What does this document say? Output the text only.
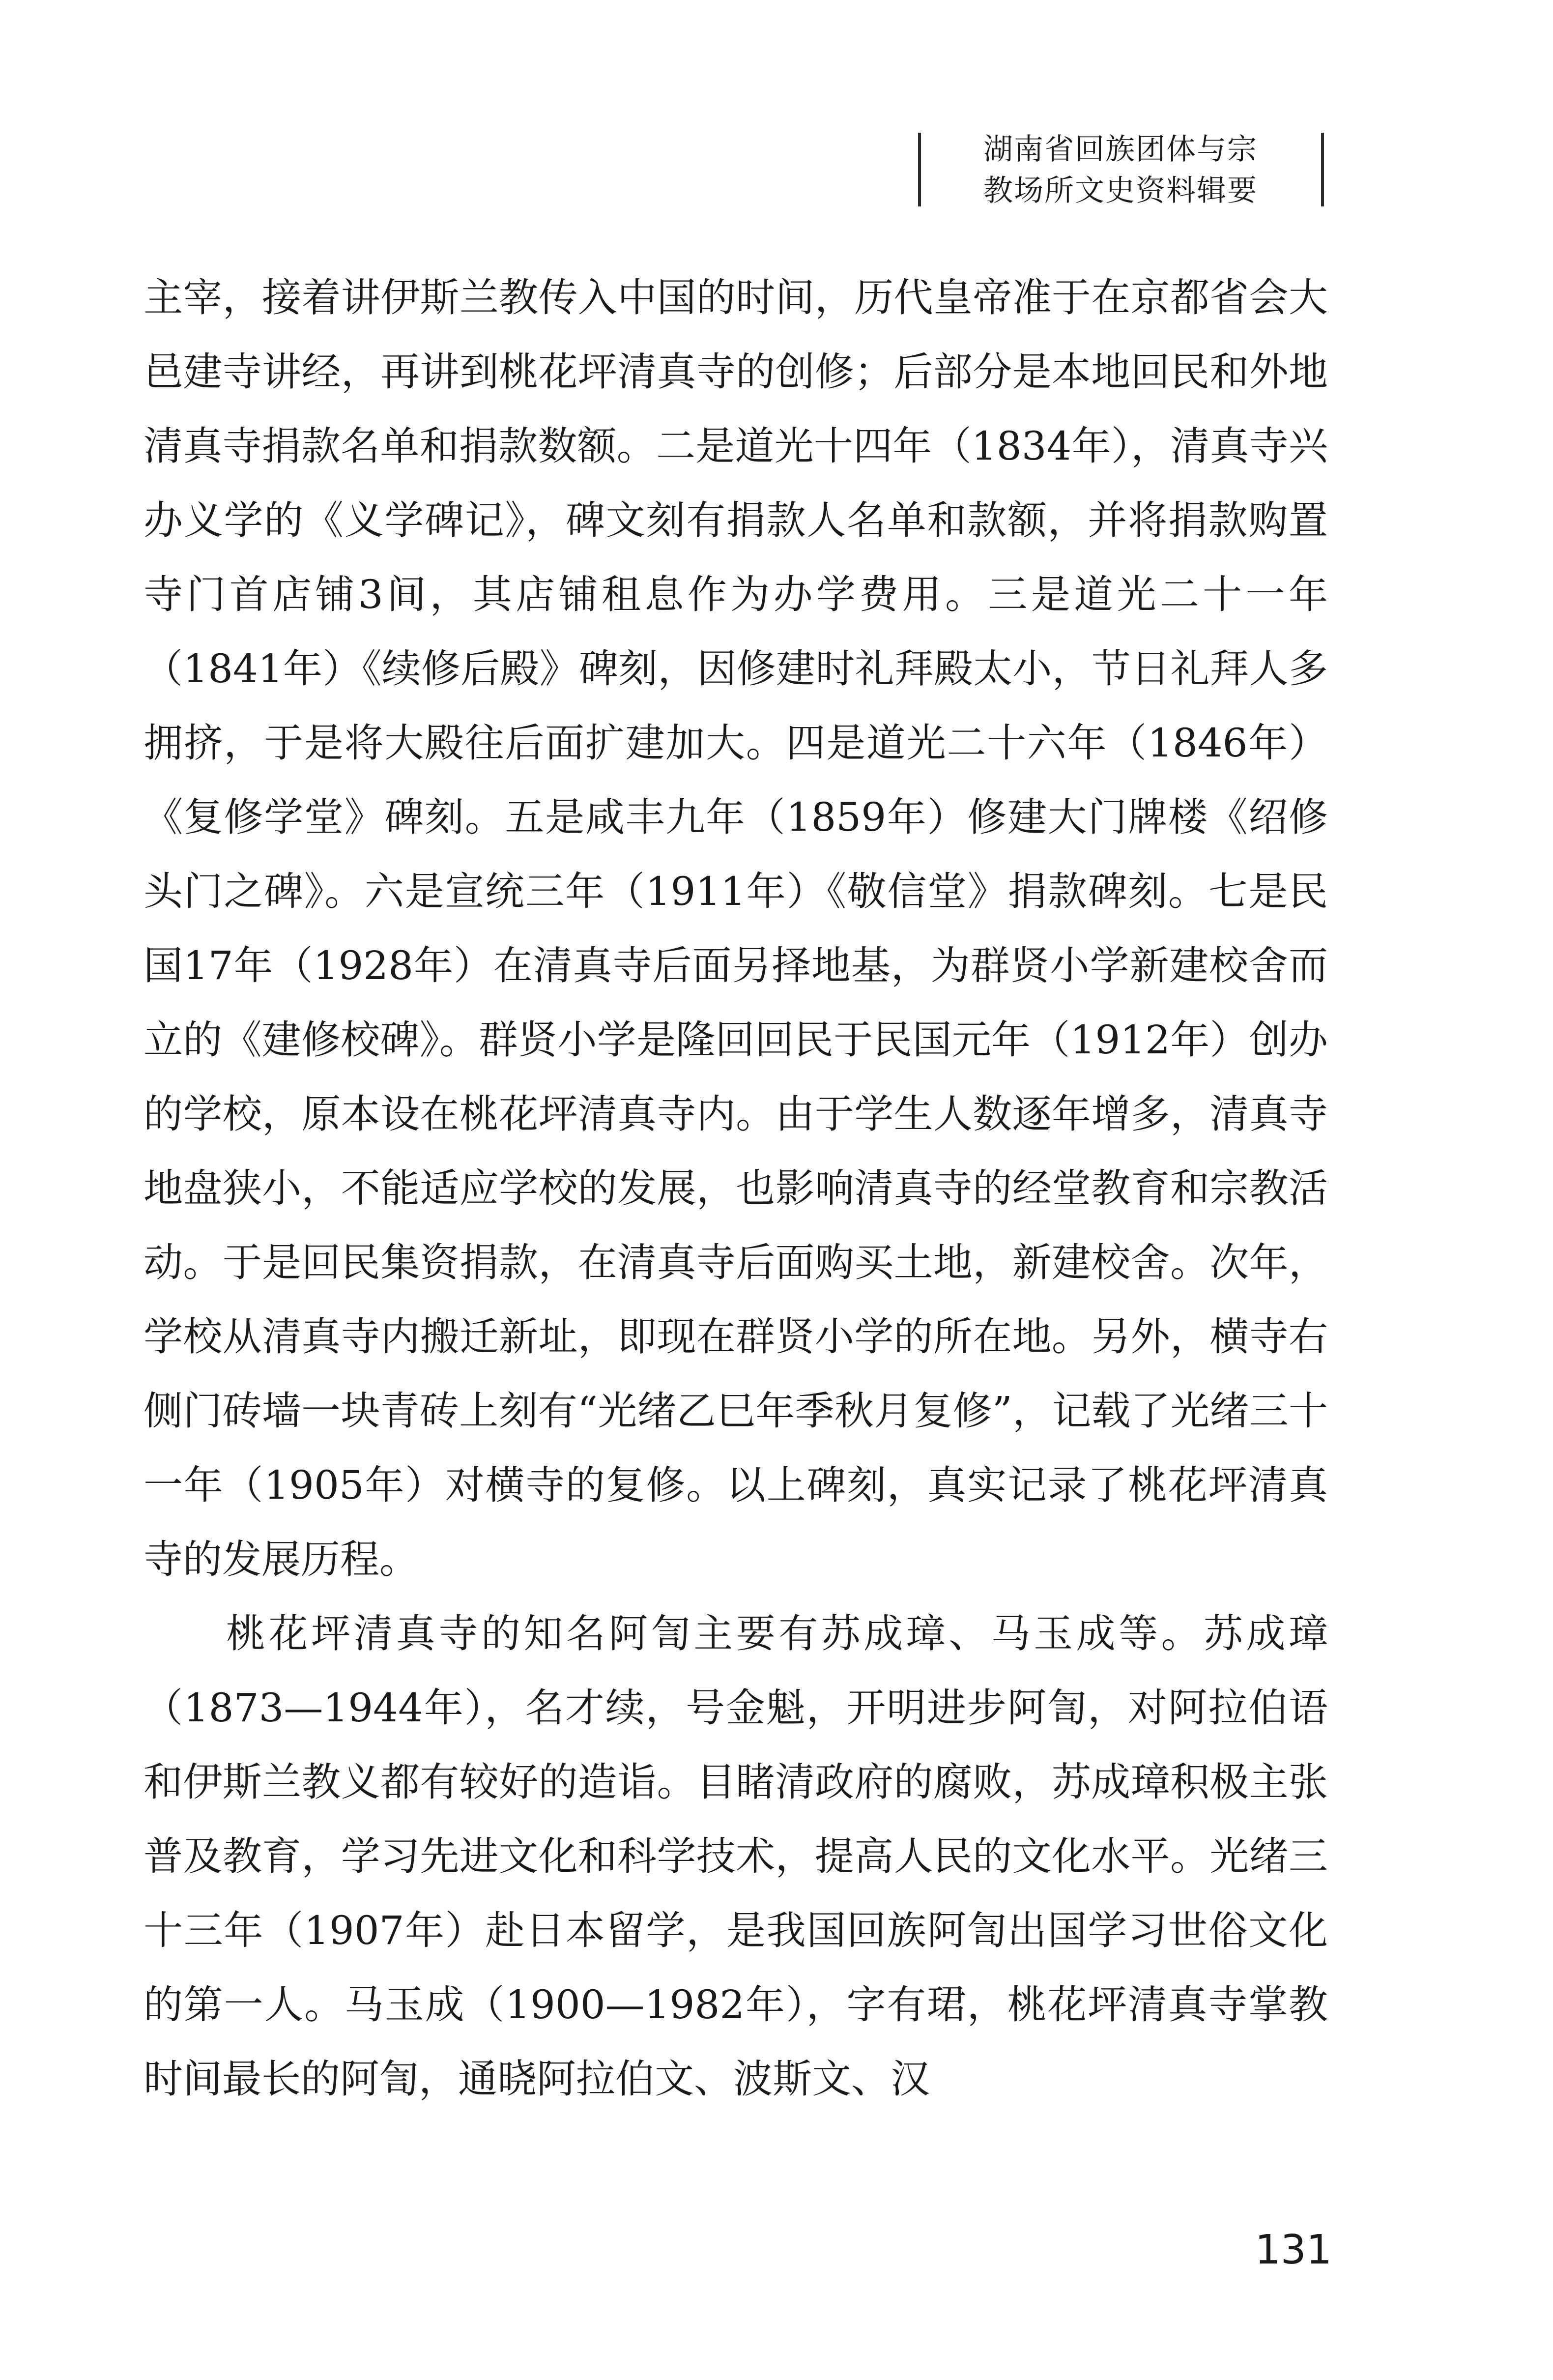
湖南省回族团体与宗
教场所文史资料辑要

主宰，接着讲伊斯兰教传入中国的时间，历代皇帝准于在京都省会大邑建寺讲经，再讲到桃花坪清真寺的创修；后部分是本地回民和外地清真寺捐款名单和捐款数额。二是道光十四年（1834年），清真寺兴办义学的《义学碑记》，碑文刻有捐款人名单和款额，并将捐款购置寺门首店铺3间，其店铺租息作为办学费用。三是道光二十一年（1841年）《续修后殿》碑刻，因修建时礼拜殿太小，节日礼拜人多拥挤，于是将大殿往后面扩建加大。四是道光二十六年（1846年）《复修学堂》碑刻。五是咸丰九年（1859年）修建大门牌楼《绍修头门之碑》。六是宣统三年（1911年）《敬信堂》捐款碑刻。七是民国17年（1928年）在清真寺后面另择地基，为群贤小学新建校舍而立的《建修校碑》。群贤小学是隆回回民于民国元年（1912年）创办的学校，原本设在桃花坪清真寺内。由于学生人数逐年增多，清真寺地盘狭小，不能适应学校的发展，也影响清真寺的经堂教育和宗教活动。于是回民集资捐款，在清真寺后面购买土地，新建校舍。次年，学校从清真寺内搬迁新址，即现在群贤小学的所在地。另外，横寺右侧门砖墙一块青砖上刻有“光绪乙巳年季秋月复修”，记载了光绪三十一年（1905年）对横寺的复修。以上碑刻，真实记录了桃花坪清真寺的发展历程。

桃花坪清真寺的知名阿訇主要有苏成璋、马玉成等。苏成璋（1873—1944年），名才续，号金魁，开明进步阿訇，对阿拉伯语和伊斯兰教义都有较好的造诣。目睹清政府的腐败，苏成璋积极主张普及教育，学习先进文化和科学技术，提高人民的文化水平。光绪三十三年（1907年）赴日本留学，是我国回族阿訇出国学习世俗文化的第一人。马玉成（1900—1982年），字有珺，桃花坪清真寺掌教时间最长的阿訇，通晓阿拉伯文、波斯文、汉

131
